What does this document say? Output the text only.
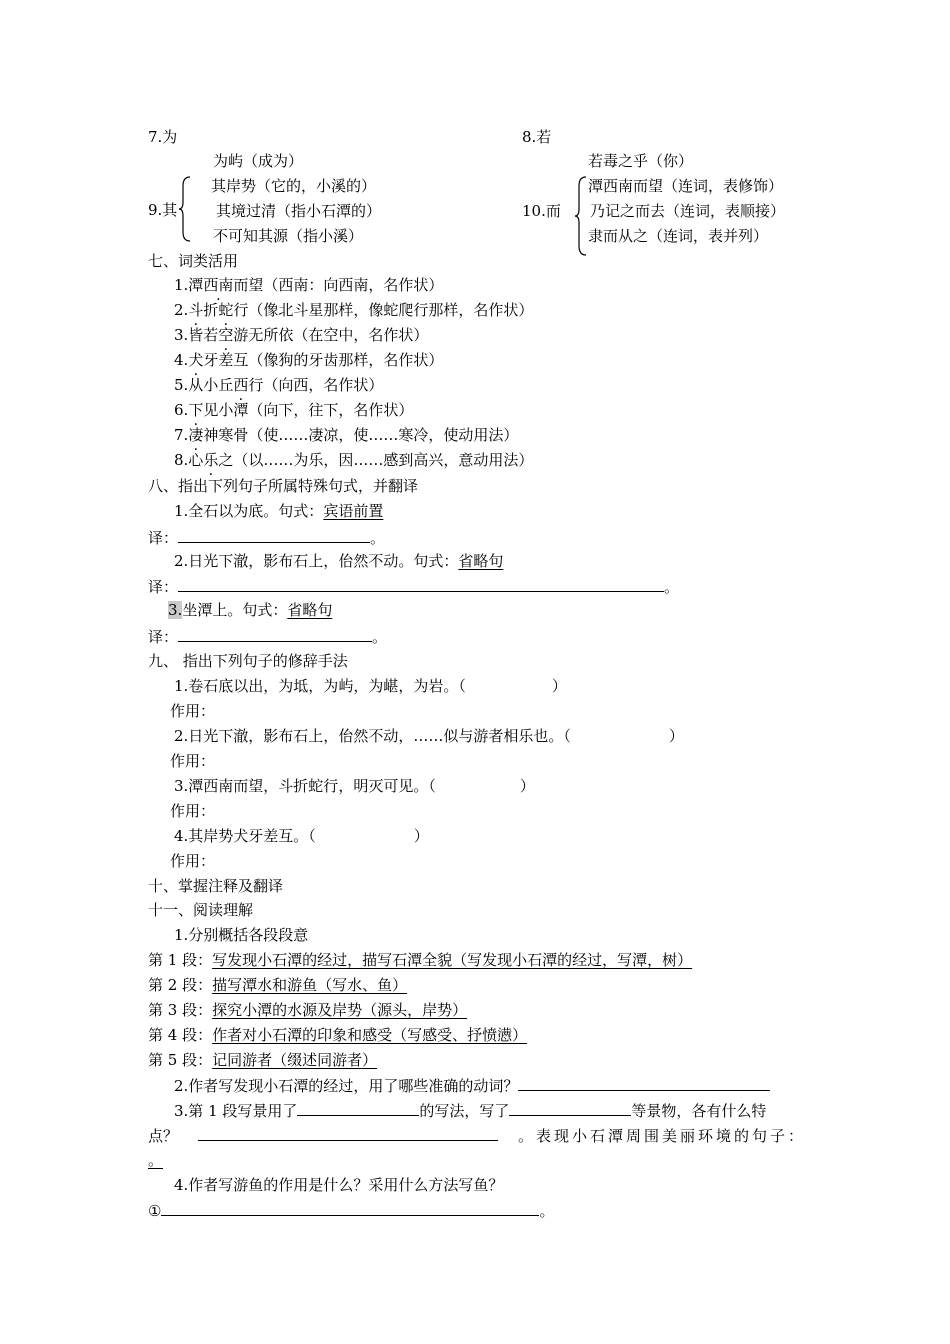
7.为	8.若
为屿（成为）	若毒之乎（你）
9.其
其岸势（它的，小溪的）
其境过清（指小石潭的）
不可知其源（指小溪）
10.而
潭西南而望（连词，表修饰）
乃记之而去（连词，表顺接）
隶而从之（连词，表并列）
七、词类活用
1.潭西南而望（西南：向西南，名作状）
2.斗折蛇行（像北斗星那样，像蛇爬行那样，名作状）
3.皆若空游无所依（在空中，名作状）
4.犬牙差互（像狗的牙齿那样，名作状）
5.从小丘西行（向西，名作状）
6.下见小潭（向下，往下，名作状）
7.凄神寒骨（使……凄凉，使……寒冷，使动用法）
8.心乐之（以……为乐，因……感到高兴，意动用法）
八、指出下列句子所属特殊句式，并翻译
1.全石以为底。句式：宾语前置
译：	。
2.日光下澈，影布石上，佁然不动。句式：省略句
译：	。
3.坐潭上。句式：省略句
译：	。
九、 指出下列句子的修辞手法
1.卷石底以出，为坻，为屿，为嵁，为岩。（	）
作用：
2.日光下澈，影布石上，佁然不动，……似与游者相乐也。（	）
作用：
3.潭西南而望，斗折蛇行，明灭可见。（	）
作用：
4.其岸势犬牙差互。（	）
作用：
十、掌握注释及翻译
十一、阅读理解
1.分别概括各段段意
第 1 段：写发现小石潭的经过，描写石潭全貌（写发现小石潭的经过，写潭，树）
第 2 段：描写潭水和游鱼（写水、鱼）
第 3 段：探究小潭的水源及岸势（源头，岸势）
第 4 段：作者对小石潭的印象和感受（写感受、抒愤懑）
第 5 段：记同游者（缀述同游者）
2.作者写发现小石潭的经过，用了哪些准确的动词？
3.第 1 段写景用了	的写法，写了	等景物，各有什么特
点？	。表现小石潭周围美丽环境的句子：
。
4.作者写游鱼的作用是什么？采用什么方法写鱼？
①	。
